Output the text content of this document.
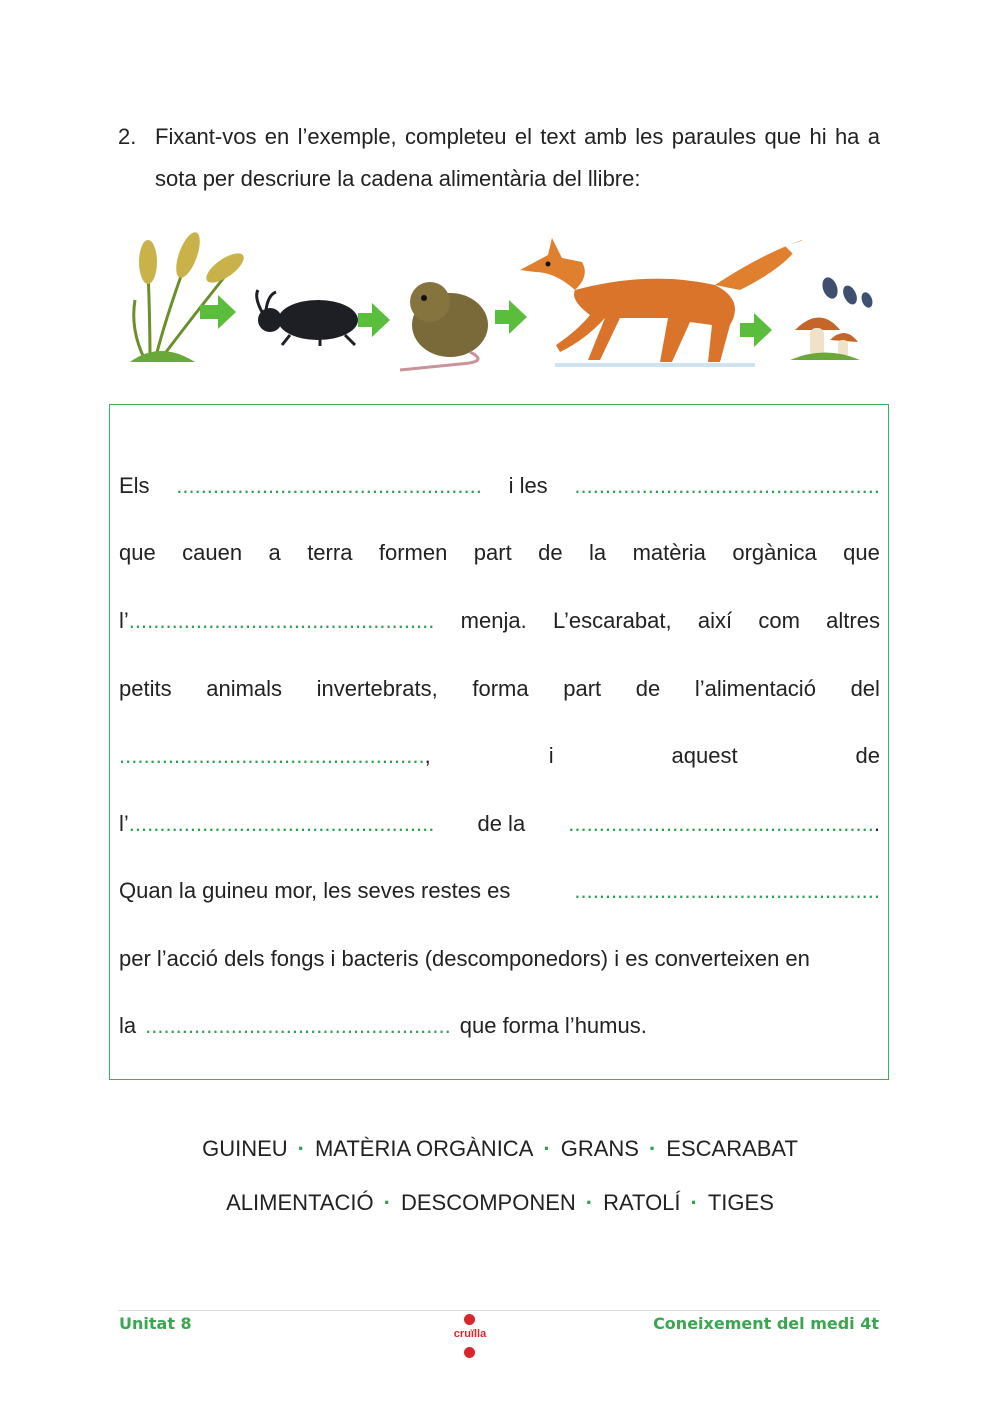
2. Fixant-vos en l’exemple, completeu el text amb les paraules que hi ha a sota per descriure la cadena alimentària del llibre:
Els .................................................. i les ..................................................
que cauen a terra formen part de la matèria orgànica que
l’.................................................. menja. L’escarabat, així com altres
petits animals invertebrats, forma part de l’alimentació del
..................................................,	i	aquest	de
l’.................................................. de la ...................................................
Quan la guineu mor, les seves restes es	..................................................
per l’acció dels fongs i bacteris (descomponedors) i es converteixen en
la .................................................. que forma l’humus.
GUINEU · MATÈRIA ORGÀNICA · GRANS · ESCARABAT
ALIMENTACIÓ · DESCOMPONEN · RATOLÍ · TIGES
Unitat 8
cruïlla
Coneixement del medi 4t
